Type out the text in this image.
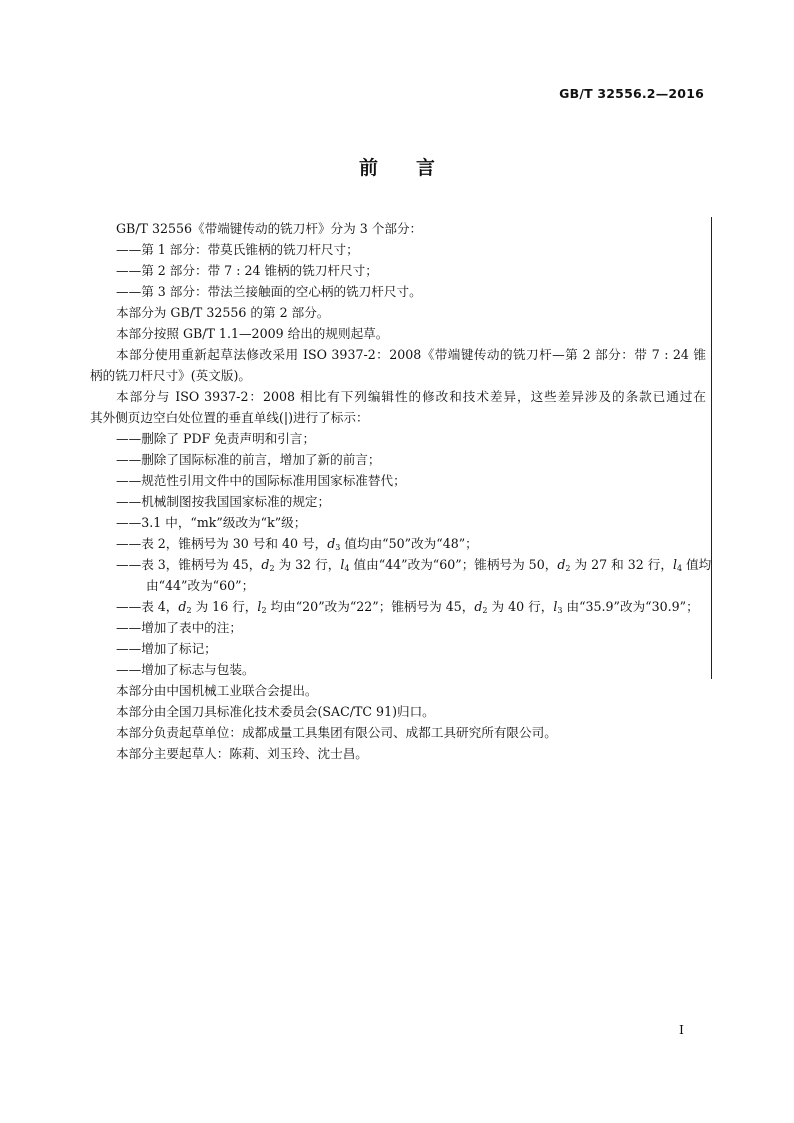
GB/T 32556.2—2016
前言
GB/T 32556《带端键传动的铣刀杆》分为 3 个部分：
——第 1 部分：带莫氏锥柄的铣刀杆尺寸；
——第 2 部分：带 7 : 24 锥柄的铣刀杆尺寸；
——第 3 部分：带法兰接触面的空心柄的铣刀杆尺寸。
本部分为 GB/T 32556 的第 2 部分。
本部分按照 GB/T 1.1—2009 给出的规则起草。
本部分使用重新起草法修改采用 ISO 3937-2：2008《带端键传动的铣刀杆—第 2 部分：带 7 : 24 锥
柄的铣刀杆尺寸》(英文版)。
本部分与 ISO 3937-2：2008 相比有下列编辑性的修改和技术差异，这些差异涉及的条款已通过在
其外侧页边空白处位置的垂直单线(|)进行了标示：
——删除了 PDF 免责声明和引言；
——删除了国际标准的前言，增加了新的前言；
——规范性引用文件中的国际标准用国家标准替代；
——机械制图按我国国家标准的规定；
——3.1 中，“mk”级改为“k”级；
——表 2，锥柄号为 30 号和 40 号，$d_3$ 值均由“50”改为“48”；
——表 3，锥柄号为 45，$d_2$ 为 32 行，$l_4$ 值由“44”改为“60”；锥柄号为 50，$d_2$ 为 27 和 32 行，$l_4$ 值均
由“44”改为“60”；
——表 4，$d_2$ 为 16 行，$l_2$ 均由“20”改为“22”；锥柄号为 45，$d_2$ 为 40 行，$l_3$ 由“35.9”改为“30.9”；
——增加了表中的注；
——增加了标记；
——增加了标志与包装。
本部分由中国机械工业联合会提出。
本部分由全国刀具标准化技术委员会(SAC/TC 91)归口。
本部分负责起草单位：成都成量工具集团有限公司、成都工具研究所有限公司。
本部分主要起草人：陈莉、刘玉玲、沈士昌。
I
